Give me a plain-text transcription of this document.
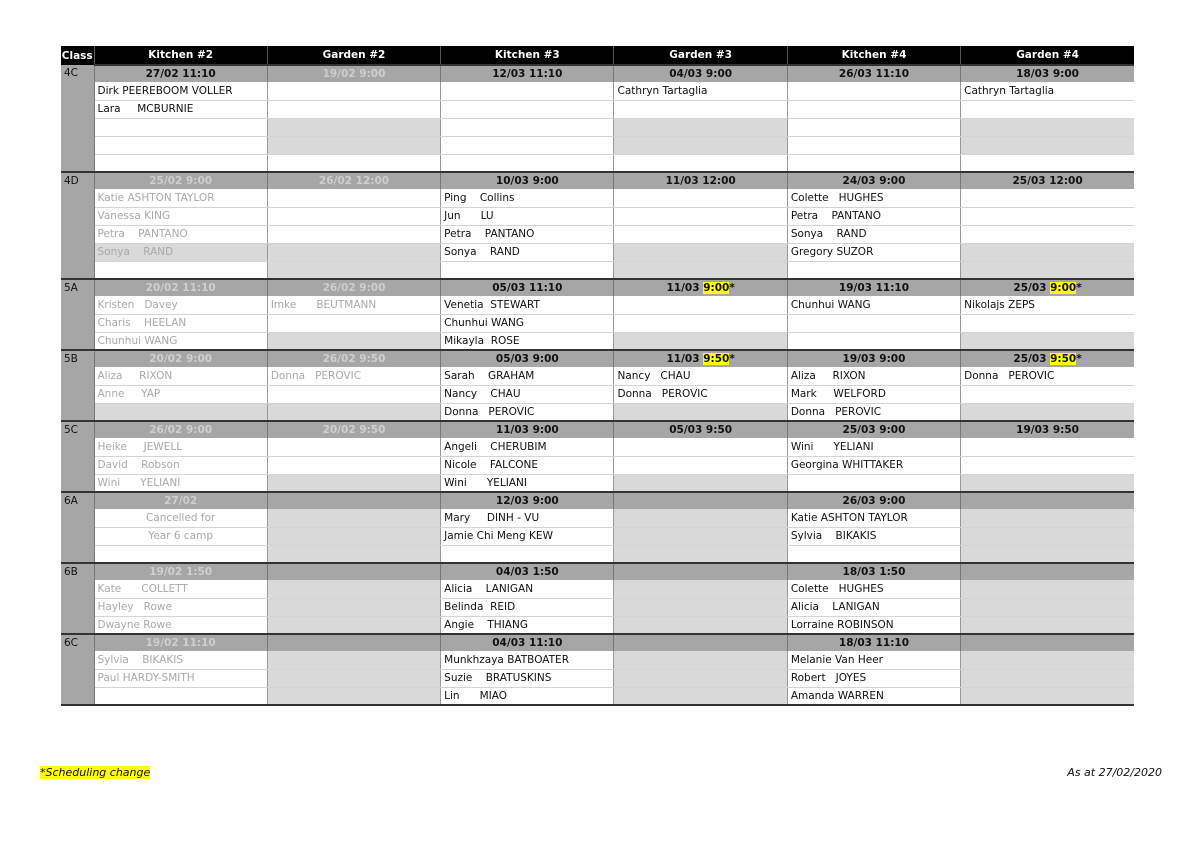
Class	Kitchen #2	Garden #2	Kitchen #3	Garden #3	Kitchen #4	Garden #4
4C	27/02 11:10	19/02 9:00	12/03 11:10	04/03 9:00	26/03 11:10	18/03 9:00
	Dirk PEEREBOOM VOLLER			Cathryn Tartaglia		Cathryn Tartaglia
	Lara     MCBURNIE					

4D	25/02 9:00	26/02 12:00	10/03 9:00	11/03 12:00	24/03 9:00	25/03 12:00
	Katie ASHTON TAYLOR		Ping    Collins		Colette   HUGHES	
	Vanessa KING		Jun      LU		Petra    PANTANO	
	Petra    PANTANO		Petra    PANTANO		Sonya    RAND	
	Sonya    RAND		Sonya    RAND		Gregory SUZOR	

5A	20/02 11:10	26/02 9:00	05/03 11:10	11/03 9:00*	19/03 11:10	25/03 9:00*
	Kristen   Davey	Imke      BEUTMANN	Venetia  STEWART		Chunhui WANG	Nikolajs ZEPS
	Charis    HEELAN		Chunhui WANG			
	Chunhui WANG		Mikayla  ROSE			
5B	20/02 9:00	26/02 9:50	05/03 9:00	11/03 9:50*	19/03 9:00	25/03 9:50*
	Aliza     RIXON	Donna   PEROVIC	Sarah    GRAHAM	Nancy   CHAU	Aliza     RIXON	Donna   PEROVIC
	Anne     YAP		Nancy    CHAU	Donna   PEROVIC	Mark     WELFORD	
			Donna   PEROVIC		Donna   PEROVIC	
5C	26/02 9:00	20/02 9:50	11/03 9:00	05/03 9:50	25/03 9:00	19/03 9:50
	Heike     JEWELL		Angeli    CHERUBIM		Wini      YELIANI	
	David    Robson		Nicole    FALCONE		Georgina WHITTAKER	
	Wini      YELIANI		Wini      YELIANI			
6A	27/02		12/03 9:00		26/03 9:00	
	Cancelled for		Mary     DINH - VU		Katie ASHTON TAYLOR	
	Year 6 camp		Jamie Chi Meng KEW		Sylvia    BIKAKIS	

6B	19/02 1:50		04/03 1:50		18/03 1:50	
	Kate      COLLETT		Alicia    LANIGAN		Colette   HUGHES	
	Hayley   Rowe		Belinda  REID		Alicia    LANIGAN	
	Dwayne Rowe		Angie    THIANG		Lorraine ROBINSON	
6C	19/02 11:10		04/03 11:10		18/03 11:10	
	Sylvia    BIKAKIS		Munkhzaya BATBOATER		Melanie Van Heer	
	Paul HARDY-SMITH		Suzie    BRATUSKINS		Robert   JOYES	
			Lin      MIAO		Amanda WARREN	
*Scheduling change	As at 27/02/2020
